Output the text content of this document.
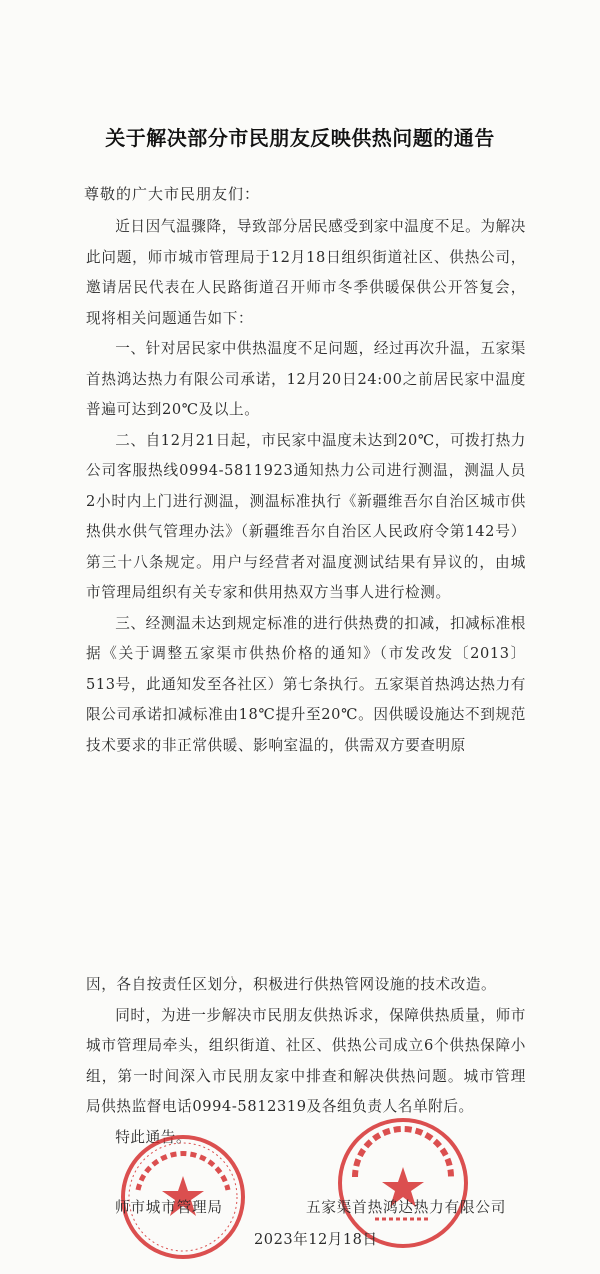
关于解决部分市民朋友反映供热问题的通告
尊敬的广大市民朋友们：

近日因气温骤降，导致部分居民感受到家中温度不足。为解决此问题，师市城市管理局于12月18日组织街道社区、供热公司，邀请居民代表在人民路街道召开师市冬季供暖保供公开答复会，现将相关问题通告如下：

一、针对居民家中供热温度不足问题，经过再次升温，五家渠首热鸿达热力有限公司承诺，12月20日24:00之前居民家中温度普遍可达到20℃及以上。

二、自12月21日起，市民家中温度未达到20℃，可拨打热力公司客服热线0994-5811923通知热力公司进行测温，测温人员2小时内上门进行测温，测温标准执行《新疆维吾尔自治区城市供热供水供气管理办法》（新疆维吾尔自治区人民政府令第142号）第三十八条规定。用户与经营者对温度测试结果有异议的，由城市管理局组织有关专家和供用热双方当事人进行检测。

三、经测温未达到规定标准的进行供热费的扣减，扣减标准根据《关于调整五家渠市供热价格的通知》（市发改发〔2013〕513号，此通知发至各社区）第七条执行。五家渠首热鸿达热力有限公司承诺扣减标准由18℃提升至20℃。因供暖设施达不到规范技术要求的非正常供暖、影响室温的，供需双方要查明原

因，各自按责任区划分，积极进行供热管网设施的技术改造。

同时，为进一步解决市民朋友供热诉求，保障供热质量，师市城市管理局牵头，组织街道、社区、供热公司成立6个供热保障小组，第一时间深入市民朋友家中排查和解决供热问题。城市管理局供热监督电话0994-5812319及各组负责人名单附后。

特此通告。

师市城市管理局	五家渠首热鸿达热力有限公司
2023年12月18日
